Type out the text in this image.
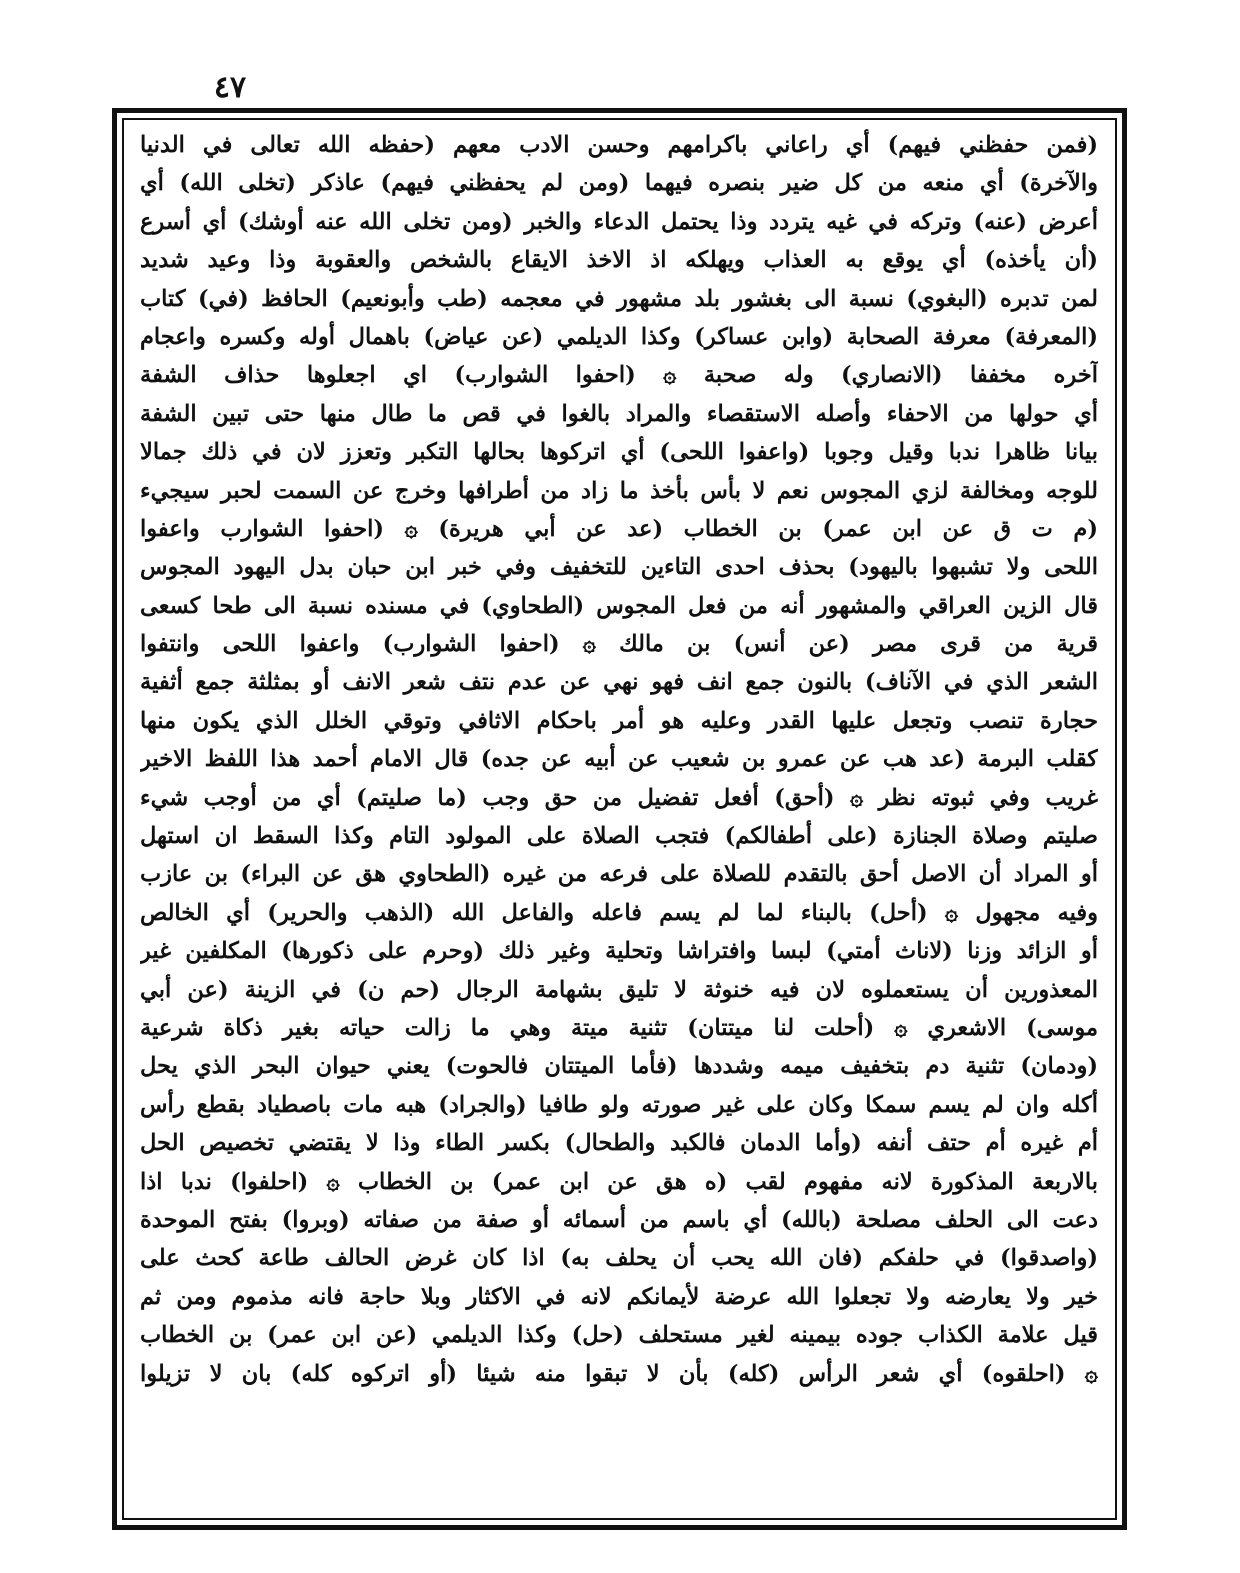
٤٧
(فمن حفظني فيهم) أي راعاني باكرامهم وحسن الادب معهم (حفظه الله تعالى في الدنيا
والآخرة) أي منعه من كل ضير بنصره فيهما (ومن لم يحفظني فيهم) عاذكر (تخلى الله) أي
أعرض (عنه) وتركه في غيه يتردد وذا يحتمل الدعاء والخبر (ومن تخلى الله عنه أوشك) أي أسرع
(أن يأخذه) أي يوقع به العذاب ويهلكه اذ الاخذ الايقاع بالشخص والعقوبة وذا وعيد شديد
لمن تدبره (البغوي) نسبة الى بغشور بلد مشهور في معجمه (طب وأبونعيم) الحافظ (في) كتاب
(المعرفة) معرفة الصحابة (وابن عساكر) وكذا الديلمي (عن عياض) باهمال أوله وكسره واعجام
آخره مخففا (الانصاري) وله صحبة ۞ (احفوا الشوارب) اي اجعلوها حذاف الشفة
أي حولها من الاحفاء وأصله الاستقصاء والمراد بالغوا في قص ما طال منها حتى تبين الشفة
بيانا ظاهرا ندبا وقيل وجوبا (واعفوا اللحى) أي اتركوها بحالها التكبر وتعزز لان في ذلك جمالا
للوجه ومخالفة لزي المجوس نعم لا بأس بأخذ ما زاد من أطرافها وخرج عن السمت لحبر سيجيء
(م ت ق عن ابن عمر) بن الخطاب (عد عن أبي هريرة) ۞ (احفوا الشوارب واعفوا
اللحى ولا تشبهوا باليهود) بحذف احدى التاءين للتخفيف وفي خبر ابن حبان بدل اليهود المجوس
قال الزين العراقي والمشهور أنه من فعل المجوس (الطحاوي) في مسنده نسبة الى طحا كسعى
قرية من قرى مصر (عن أنس) بن مالك ۞ (احفوا الشوارب) واعفوا اللحى وانتفوا
الشعر الذي في الآناف) بالنون جمع انف فهو نهي عن عدم نتف شعر الانف أو بمثلثة جمع أثفية
حجارة تنصب وتجعل عليها القدر وعليه هو أمر باحكام الاثافي وتوقي الخلل الذي يكون منها
كقلب البرمة (عد هب عن عمرو بن شعيب عن أبيه عن جده) قال الامام أحمد هذا اللفظ الاخير
غريب وفي ثبوته نظر ۞ (أحق) أفعل تفضيل من حق وجب (ما صليتم) أي من أوجب شيء
صليتم وصلاة الجنازة (على أطفالكم) فتجب الصلاة على المولود التام وكذا السقط ان استهل
أو المراد أن الاصل أحق بالتقدم للصلاة على فرعه من غيره (الطحاوي هق عن البراء) بن عازب
وفيه مجهول ۞ (أحل) بالبناء لما لم يسم فاعله والفاعل الله (الذهب والحرير) أي الخالص
أو الزائد وزنا (لاناث أمتي) لبسا وافتراشا وتحلية وغير ذلك (وحرم على ذكورها) المكلفين غير
المعذورين أن يستعملوه لان فيه خنوثة لا تليق بشهامة الرجال (حم ن) في الزينة (عن أبي
موسى) الاشعري ۞ (أحلت لنا ميتتان) تثنية ميتة وهي ما زالت حياته بغير ذكاة شرعية
(ودمان) تثنية دم بتخفيف ميمه وشددها (فأما الميتتان فالحوت) يعني حيوان البحر الذي يحل
أكله وان لم يسم سمكا وكان على غير صورته ولو طافيا (والجراد) هبه مات باصطياد بقطع رأس
أم غيره أم حتف أنفه (وأما الدمان فالكبد والطحال) بكسر الطاء وذا لا يقتضي تخصيص الحل
بالاربعة المذكورة لانه مفهوم لقب (ه هق عن ابن عمر) بن الخطاب ۞ (احلفوا) ندبا اذا
دعت الى الحلف مصلحة (بالله) أي باسم من أسمائه أو صفة من صفاته (وبروا) بفتح الموحدة
(واصدقوا) في حلفكم (فان الله يحب أن يحلف به) اذا كان غرض الحالف طاعة كحث على
خير ولا يعارضه ولا تجعلوا الله عرضة لأيمانكم لانه في الاكثار وبلا حاجة فانه مذموم ومن ثم
قيل علامة الكذاب جوده بيمينه لغير مستحلف (حل) وكذا الديلمي (عن ابن عمر) بن الخطاب
۞ (احلقوه) أي شعر الرأس (كله) بأن لا تبقوا منه شيئا (أو اتركوه كله) بان لا تزيلوا
